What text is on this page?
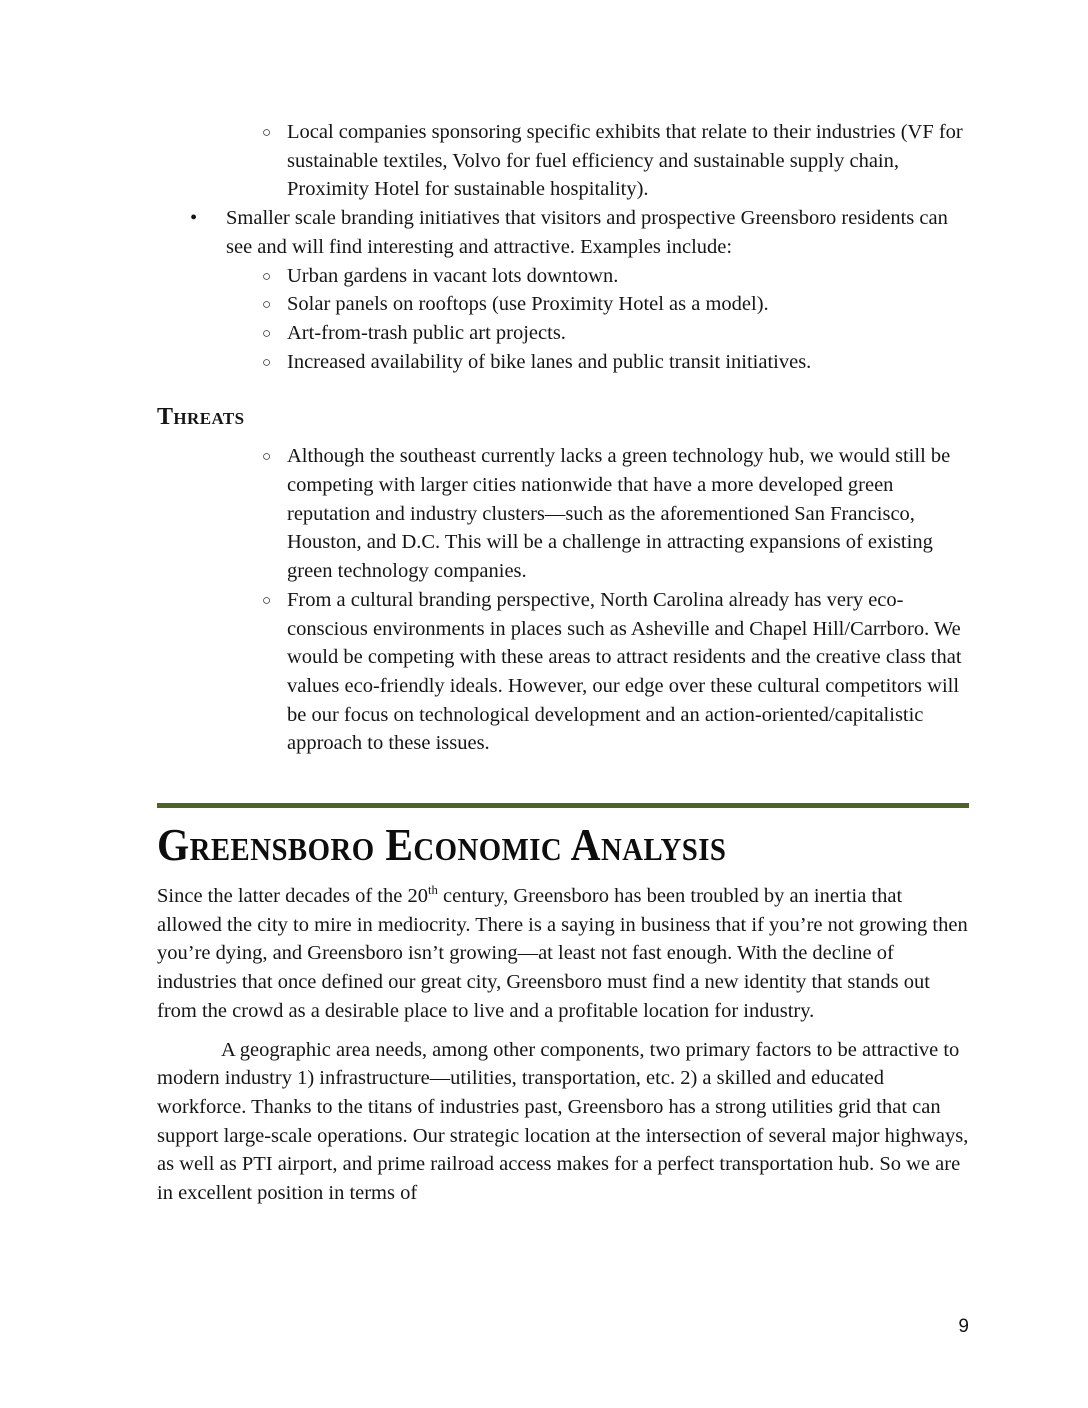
○ Local companies sponsoring specific exhibits that relate to their industries (VF for sustainable textiles, Volvo for fuel efficiency and sustainable supply chain, Proximity Hotel for sustainable hospitality).
•	Smaller scale branding initiatives that visitors and prospective Greensboro residents can see and will find interesting and attractive. Examples include:
○ Urban gardens in vacant lots downtown.
○ Solar panels on rooftops (use Proximity Hotel as a model).
○ Art-from-trash public art projects.
○ Increased availability of bike lanes and public transit initiatives.
Threats
○ Although the southeast currently lacks a green technology hub, we would still be competing with larger cities nationwide that have a more developed green reputation and industry clusters—such as the aforementioned San Francisco, Houston, and D.C. This will be a challenge in attracting expansions of existing green technology companies.
○ From a cultural branding perspective, North Carolina already has very eco-conscious environments in places such as Asheville and Chapel Hill/Carrboro. We would be competing with these areas to attract residents and the creative class that values eco-friendly ideals. However, our edge over these cultural competitors will be our focus on technological development and an action-oriented/capitalistic approach to these issues.
Greensboro Economic Analysis

Since the latter decades of the 20th century, Greensboro has been troubled by an inertia that allowed the city to mire in mediocrity. There is a saying in business that if you’re not growing then you’re dying, and Greensboro isn’t growing—at least not fast enough. With the decline of industries that once defined our great city, Greensboro must find a new identity that stands out from the crowd as a desirable place to live and a profitable location for industry.

A geographic area needs, among other components, two primary factors to be attractive to modern industry 1) infrastructure—utilities, transportation, etc. 2) a skilled and educated workforce. Thanks to the titans of industries past, Greensboro has a strong utilities grid that can support large-scale operations. Our strategic location at the intersection of several major highways, as well as PTI airport, and prime railroad access makes for a perfect transportation hub. So we are in excellent position in terms of

9
